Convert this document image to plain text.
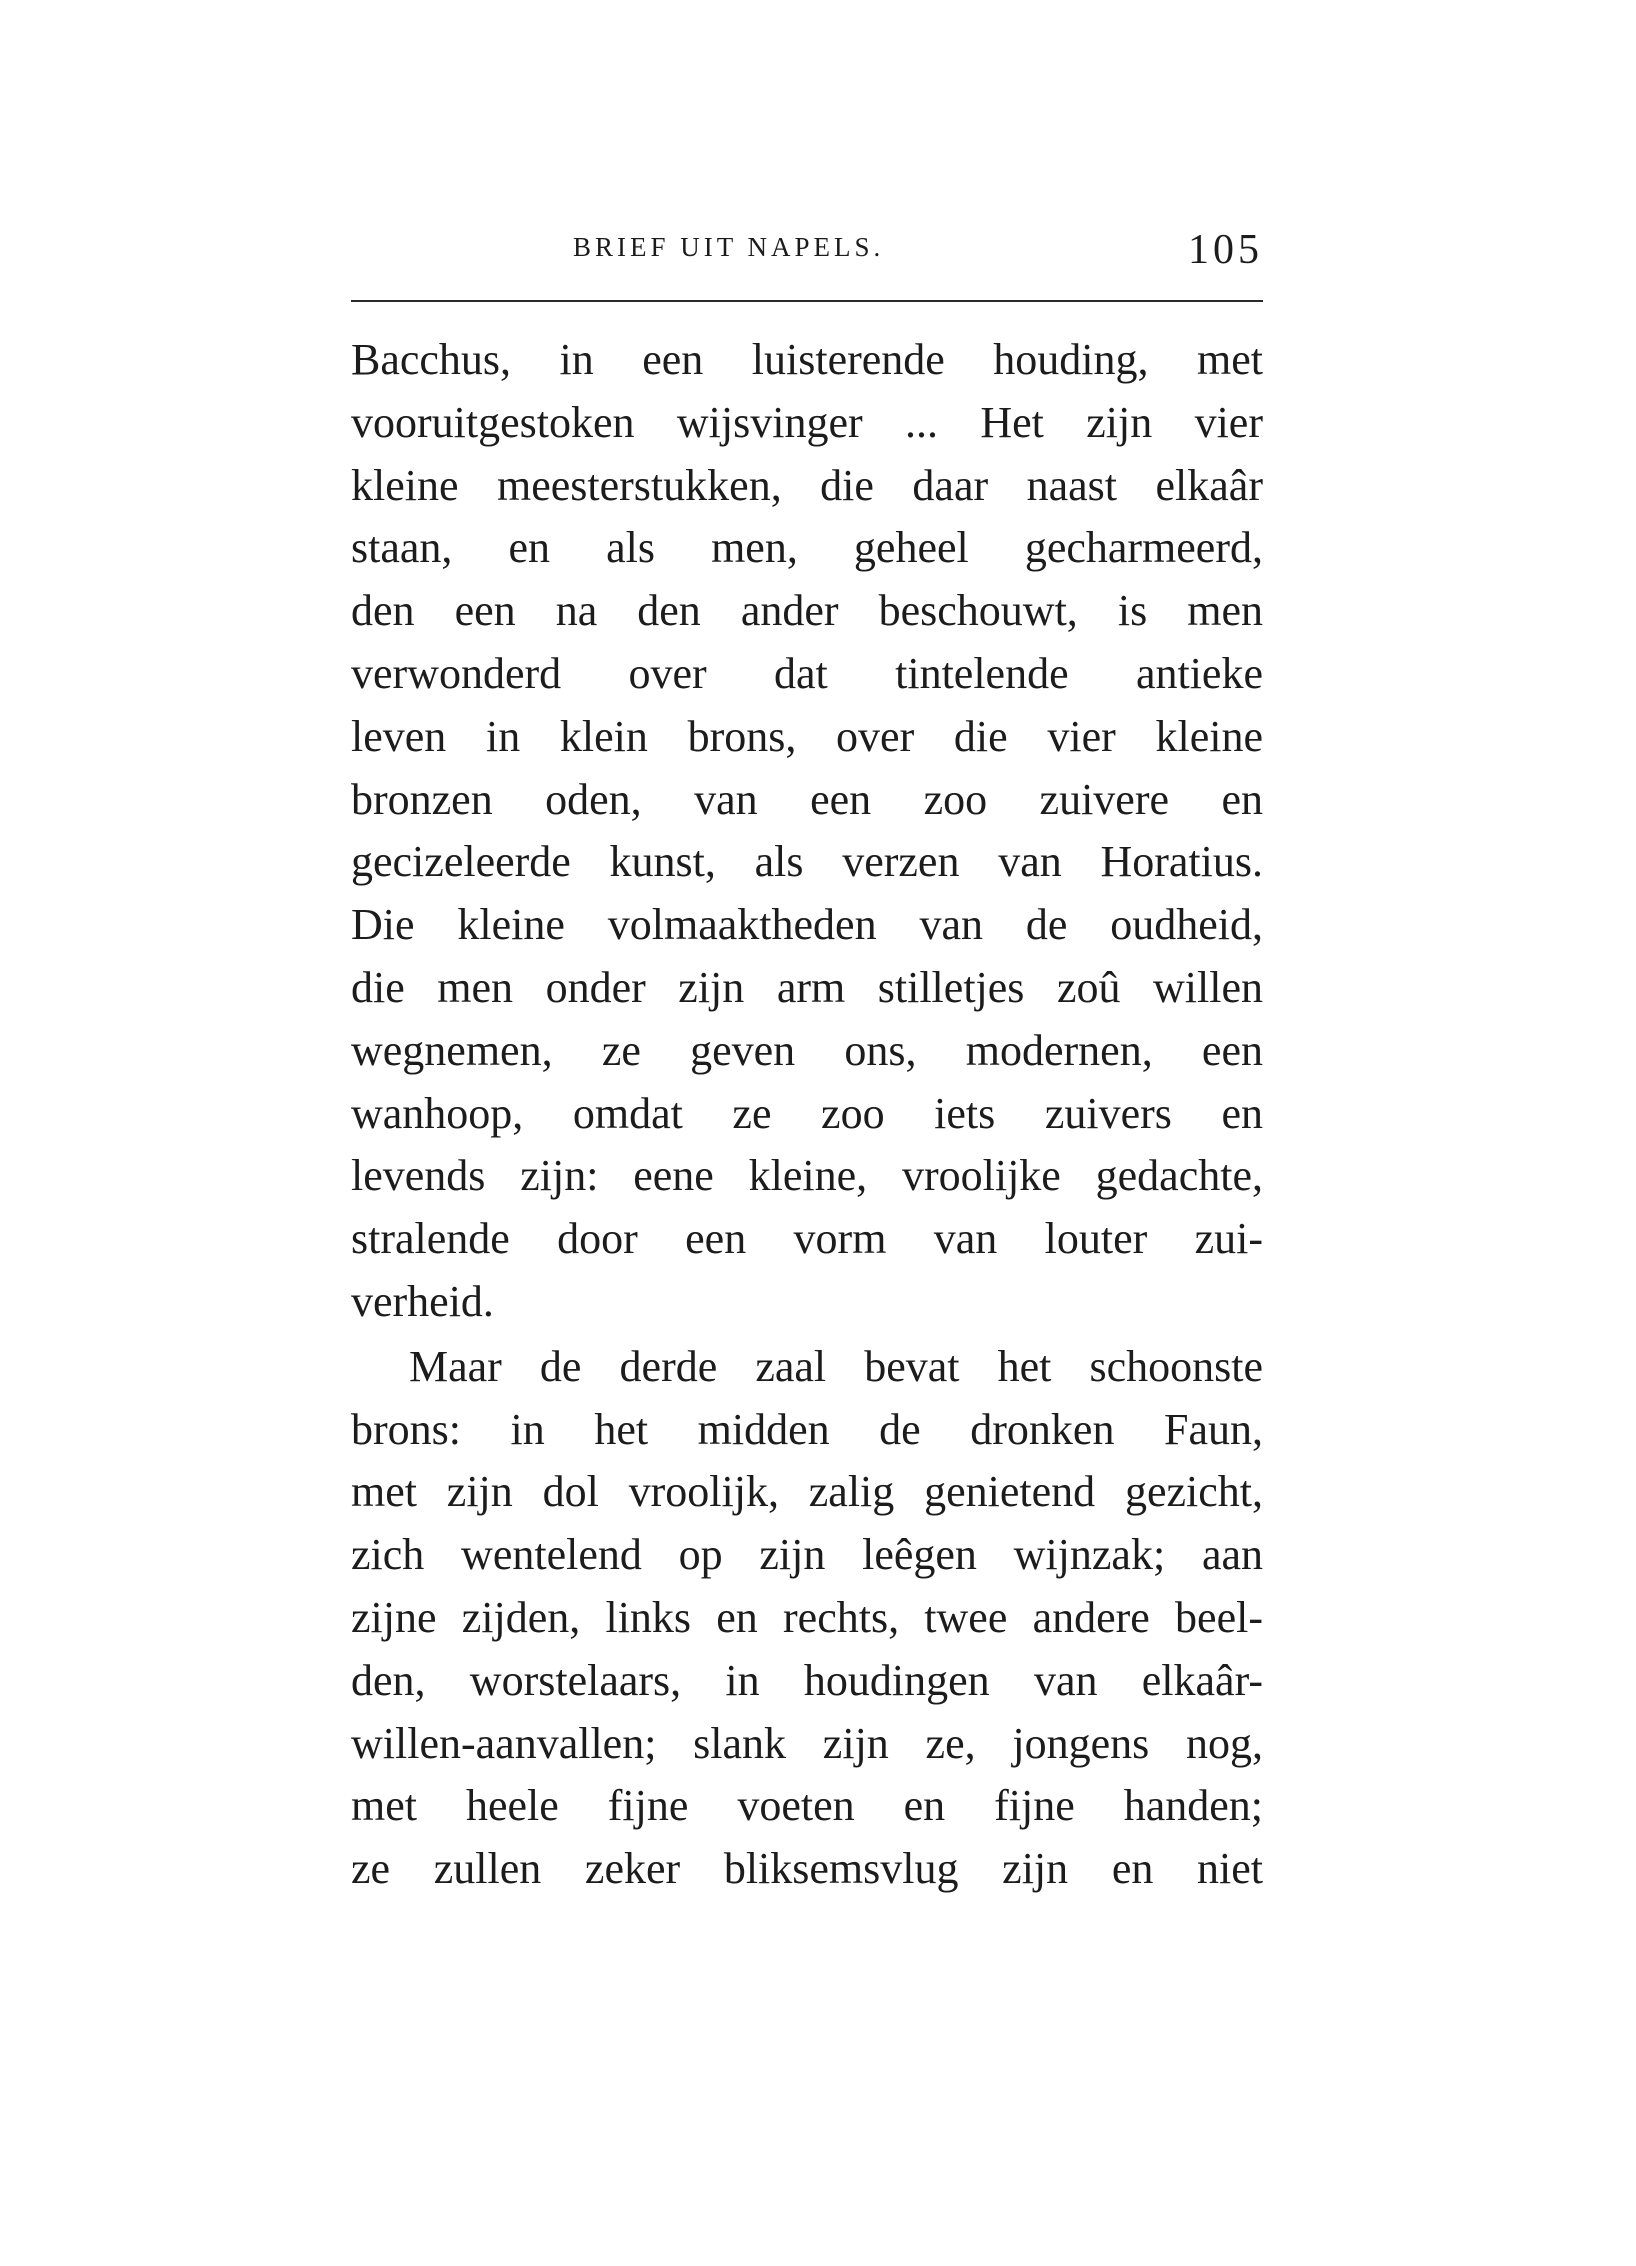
BRIEF UIT NAPELS.	105
Bacchus, in een luisterende houding, met
vooruitgestoken wijsvinger ... Het zijn vier
kleine meesterstukken, die daar naast elkaâr
staan, en als men, geheel gecharmeerd,
den een na den ander beschouwt, is men
verwonderd over dat tintelende antieke
leven in klein brons, over die vier kleine
bronzen oden, van een zoo zuivere en
gecizeleerde kunst, als verzen van Horatius.
Die kleine volmaaktheden van de oudheid,
die men onder zijn arm stilletjes zoû willen
wegnemen, ze geven ons, modernen, een
wanhoop, omdat ze zoo iets zuivers en
levends zijn: eene kleine, vroolijke gedachte,
stralende door een vorm van louter zui-
verheid.
Maar de derde zaal bevat het schoonste
brons: in het midden de dronken Faun,
met zijn dol vroolijk, zalig genietend gezicht,
zich wentelend op zijn leêgen wijnzak; aan
zijne zijden, links en rechts, twee andere beel-
den, worstelaars, in houdingen van elkaâr-
willen-aanvallen; slank zijn ze, jongens nog,
met heele fijne voeten en fijne handen;
ze zullen zeker bliksemsvlug zijn en niet
